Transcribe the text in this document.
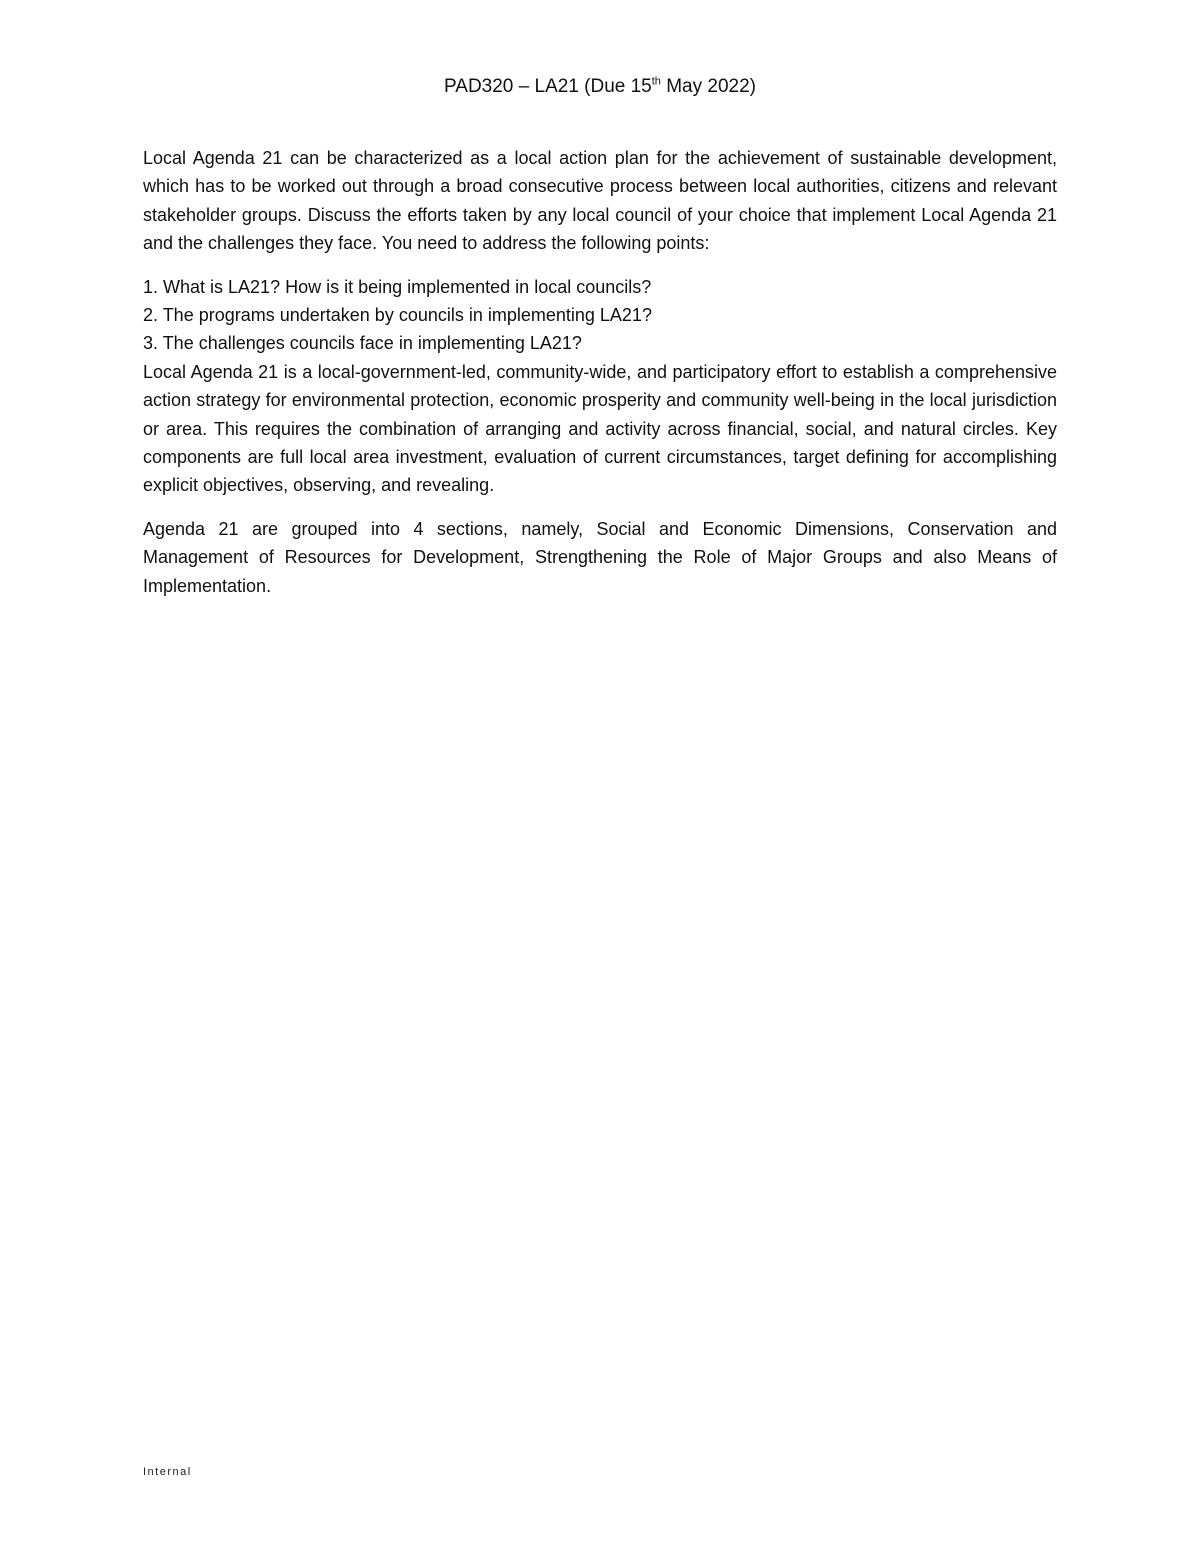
PAD320 – LA21 (Due 15th May 2022)

Local Agenda 21 can be characterized as a local action plan for the achievement of sustainable development, which has to be worked out through a broad consecutive process between local authorities, citizens and relevant stakeholder groups. Discuss the efforts taken by any local council of your choice that implement Local Agenda 21 and the challenges they face. You need to address the following points:

1. What is LA21? How is it being implemented in local councils?

2. The programs undertaken by councils in implementing LA21?

3. The challenges councils face in implementing LA21?

Local Agenda 21 is a local-government-led, community-wide, and participatory effort to establish a comprehensive action strategy for environmental protection, economic prosperity and community well-being in the local jurisdiction or area. This requires the combination of arranging and activity across financial, social, and natural circles. Key components are full local area investment, evaluation of current circumstances, target defining for accomplishing explicit objectives, observing, and revealing.

Agenda 21 are grouped into 4 sections, namely, Social and Economic Dimensions, Conservation and Management of Resources for Development, Strengthening the Role of Major Groups and also Means of Implementation.

Internal
